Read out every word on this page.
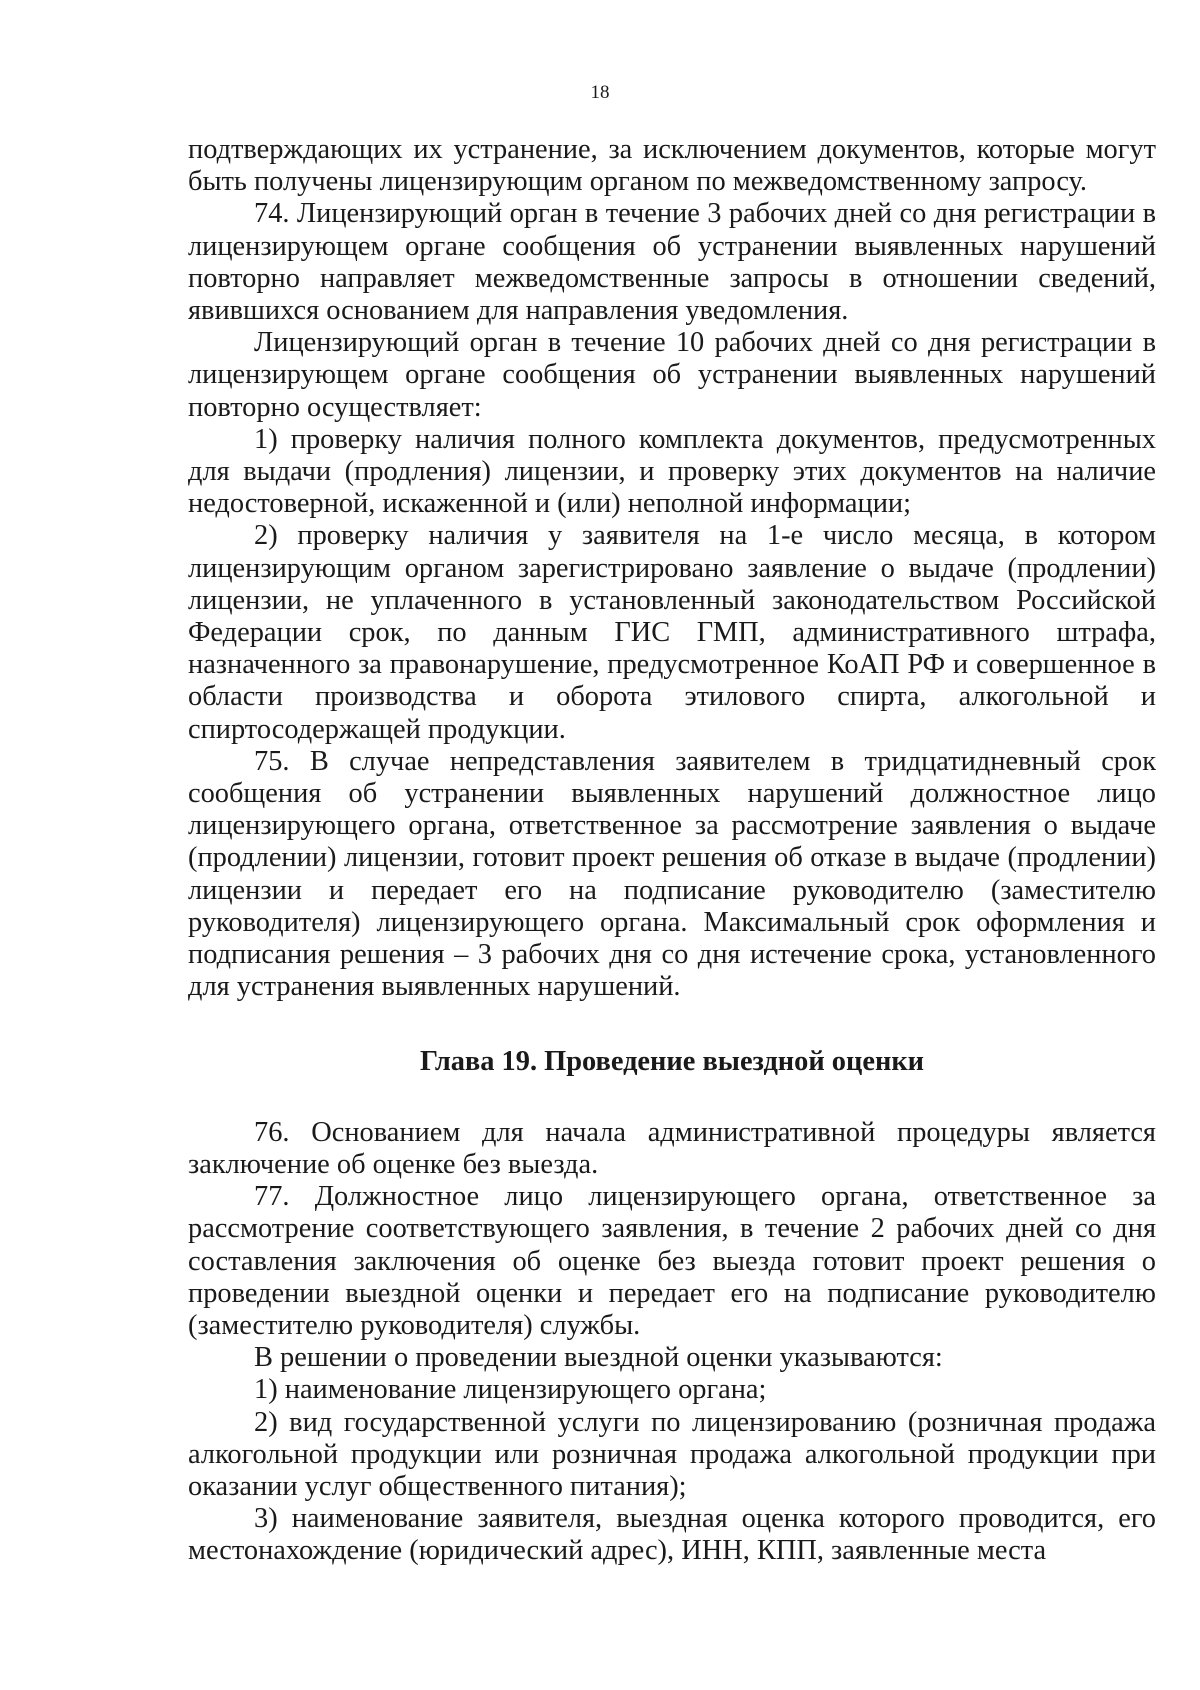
18

подтверждающих их устранение, за исключением документов, которые могут быть получены лицензирующим органом по межведомственному запросу.

74. Лицензирующий орган в течение 3 рабочих дней со дня регистрации в лицензирующем органе сообщения об устранении выявленных нарушений повторно направляет межведомственные запросы в отношении сведений, явившихся основанием для направления уведомления.

Лицензирующий орган в течение 10 рабочих дней со дня регистрации в лицензирующем органе сообщения об устранении выявленных нарушений повторно осуществляет:

1) проверку наличия полного комплекта документов, предусмотренных для выдачи (продления) лицензии, и проверку этих документов на наличие недостоверной, искаженной и (или) неполной информации;

2) проверку наличия у заявителя на 1-е число месяца, в котором лицензирующим органом зарегистрировано заявление о выдаче (продлении) лицензии, не уплаченного в установленный законодательством Российской Федерации срок, по данным ГИС ГМП, административного штрафа, назначенного за правонарушение, предусмотренное КоАП РФ и совершенное в области производства и оборота этилового спирта, алкогольной и спиртосодержащей продукции.

75. В случае непредставления заявителем в тридцатидневный срок сообщения об устранении выявленных нарушений должностное лицо лицензирующего органа, ответственное за рассмотрение заявления о выдаче (продлении) лицензии, готовит проект решения об отказе в выдаче (продлении) лицензии и передает его на подписание руководителю (заместителю руководителя) лицензирующего органа. Максимальный срок оформления и подписания решения – 3 рабочих дня со дня истечение срока, установленного для устранения выявленных нарушений.

Глава 19. Проведение выездной оценки

76. Основанием для начала административной процедуры является заключение об оценке без выезда.

77. Должностное лицо лицензирующего органа, ответственное за рассмотрение соответствующего заявления, в течение 2 рабочих дней со дня составления заключения об оценке без выезда готовит проект решения о проведении выездной оценки и передает его на подписание руководителю (заместителю руководителя) службы.

В решении о проведении выездной оценки указываются:

1) наименование лицензирующего органа;

2) вид государственной услуги по лицензированию (розничная продажа алкогольной продукции или розничная продажа алкогольной продукции при оказании услуг общественного питания);

3) наименование заявителя, выездная оценка которого проводится, его местонахождение (юридический адрес), ИНН, КПП, заявленные места
